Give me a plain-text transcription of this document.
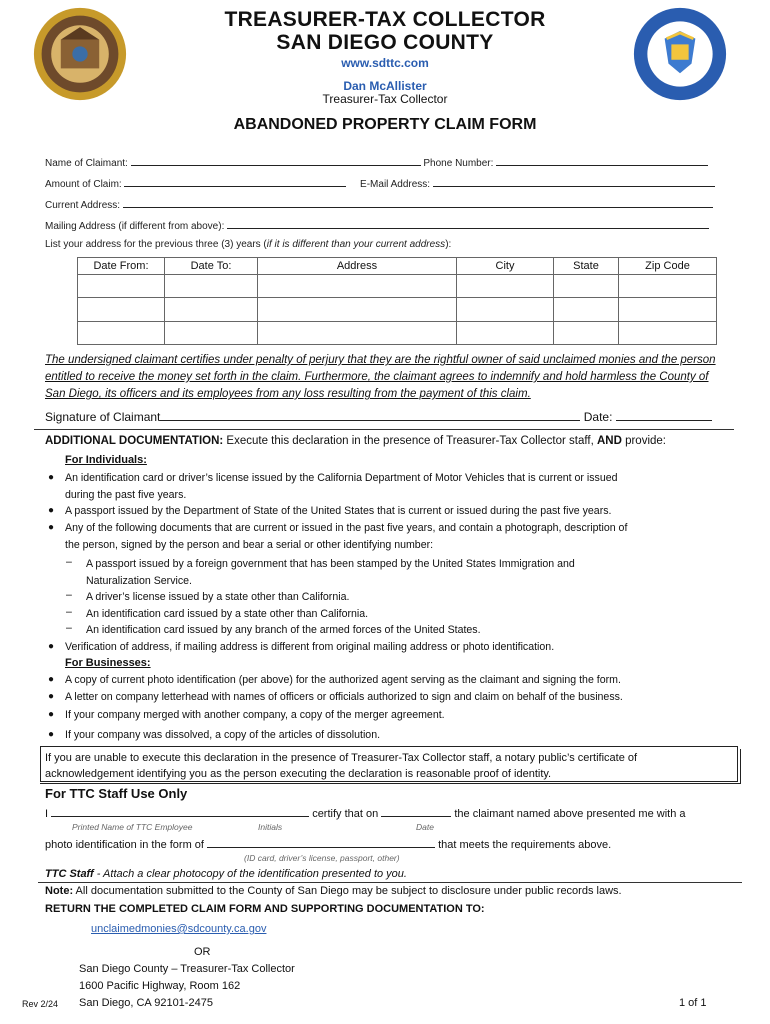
TREASURER-TAX COLLECTOR
SAN DIEGO COUNTY
www.sdttc.com
Dan McAllister
Treasurer-Tax Collector
ABANDONED PROPERTY CLAIM FORM
Name of Claimant:	Phone Number:
Amount of Claim:	E-Mail Address:
Current Address:
Mailing Address (if different from above):
List your address for the previous three (3) years (if it is different than your current address):
Date From:	Date To:	Address	City	State	Zip Code

The undersigned claimant certifies under penalty of perjury that they are the rightful owner of said unclaimed monies and the person entitled to receive the money set forth in the claim. Furthermore, the claimant agrees to indemnify and hold harmless the County of San Diego, its officers and its employees from any loss resulting from the payment of this claim.
Signature of Claimant	Date:
ADDITIONAL DOCUMENTATION: Execute this declaration in the presence of Treasurer-Tax Collector staff, AND provide:
For Individuals:
● An identification card or driver’s license issued by the California Department of Motor Vehicles that is current or issued
during the past five years.
● A passport issued by the Department of State of the United States that is current or issued during the past five years.
● Any of the following documents that are current or issued in the past five years, and contain a photograph, description of
the person, signed by the person and bear a serial or other identifying number:
– A passport issued by a foreign government that has been stamped by the United States Immigration and
Naturalization Service.
– A driver’s license issued by a state other than California.
– An identification card issued by a state other than California.
– An identification card issued by any branch of the armed forces of the United States.
● Verification of address, if mailing address is different from original mailing address or photo identification.
For Businesses:
● A copy of current photo identification (per above) for the authorized agent serving as the claimant and signing the form.
● A letter on company letterhead with names of officers or officials authorized to sign and claim on behalf of the business.
● If your company merged with another company, a copy of the merger agreement.
● If your company was dissolved, a copy of the articles of dissolution.
If you are unable to execute this declaration in the presence of Treasurer-Tax Collector staff, a notary public’s certificate of
acknowledgement identifying you as the person executing the declaration is reasonable proof of identity.
For TTC Staff Use Only
I	certify that on	the claimant named above presented me with a
Printed Name of TTC Employee	Initials	Date
photo identification in the form of	that meets the requirements above.
(ID card, driver’s license, passport, other)
TTC Staff - Attach a clear photocopy of the identification presented to you.
Note: All documentation submitted to the County of San Diego may be subject to disclosure under public records laws.
RETURN THE COMPLETED CLAIM FORM AND SUPPORTING DOCUMENTATION TO:
unclaimedmonies@sdcounty.ca.gov
OR
San Diego County – Treasurer-Tax Collector
1600 Pacific Highway, Room 162
San Diego, CA 92101-2475
Rev 2/24	1 of 1
